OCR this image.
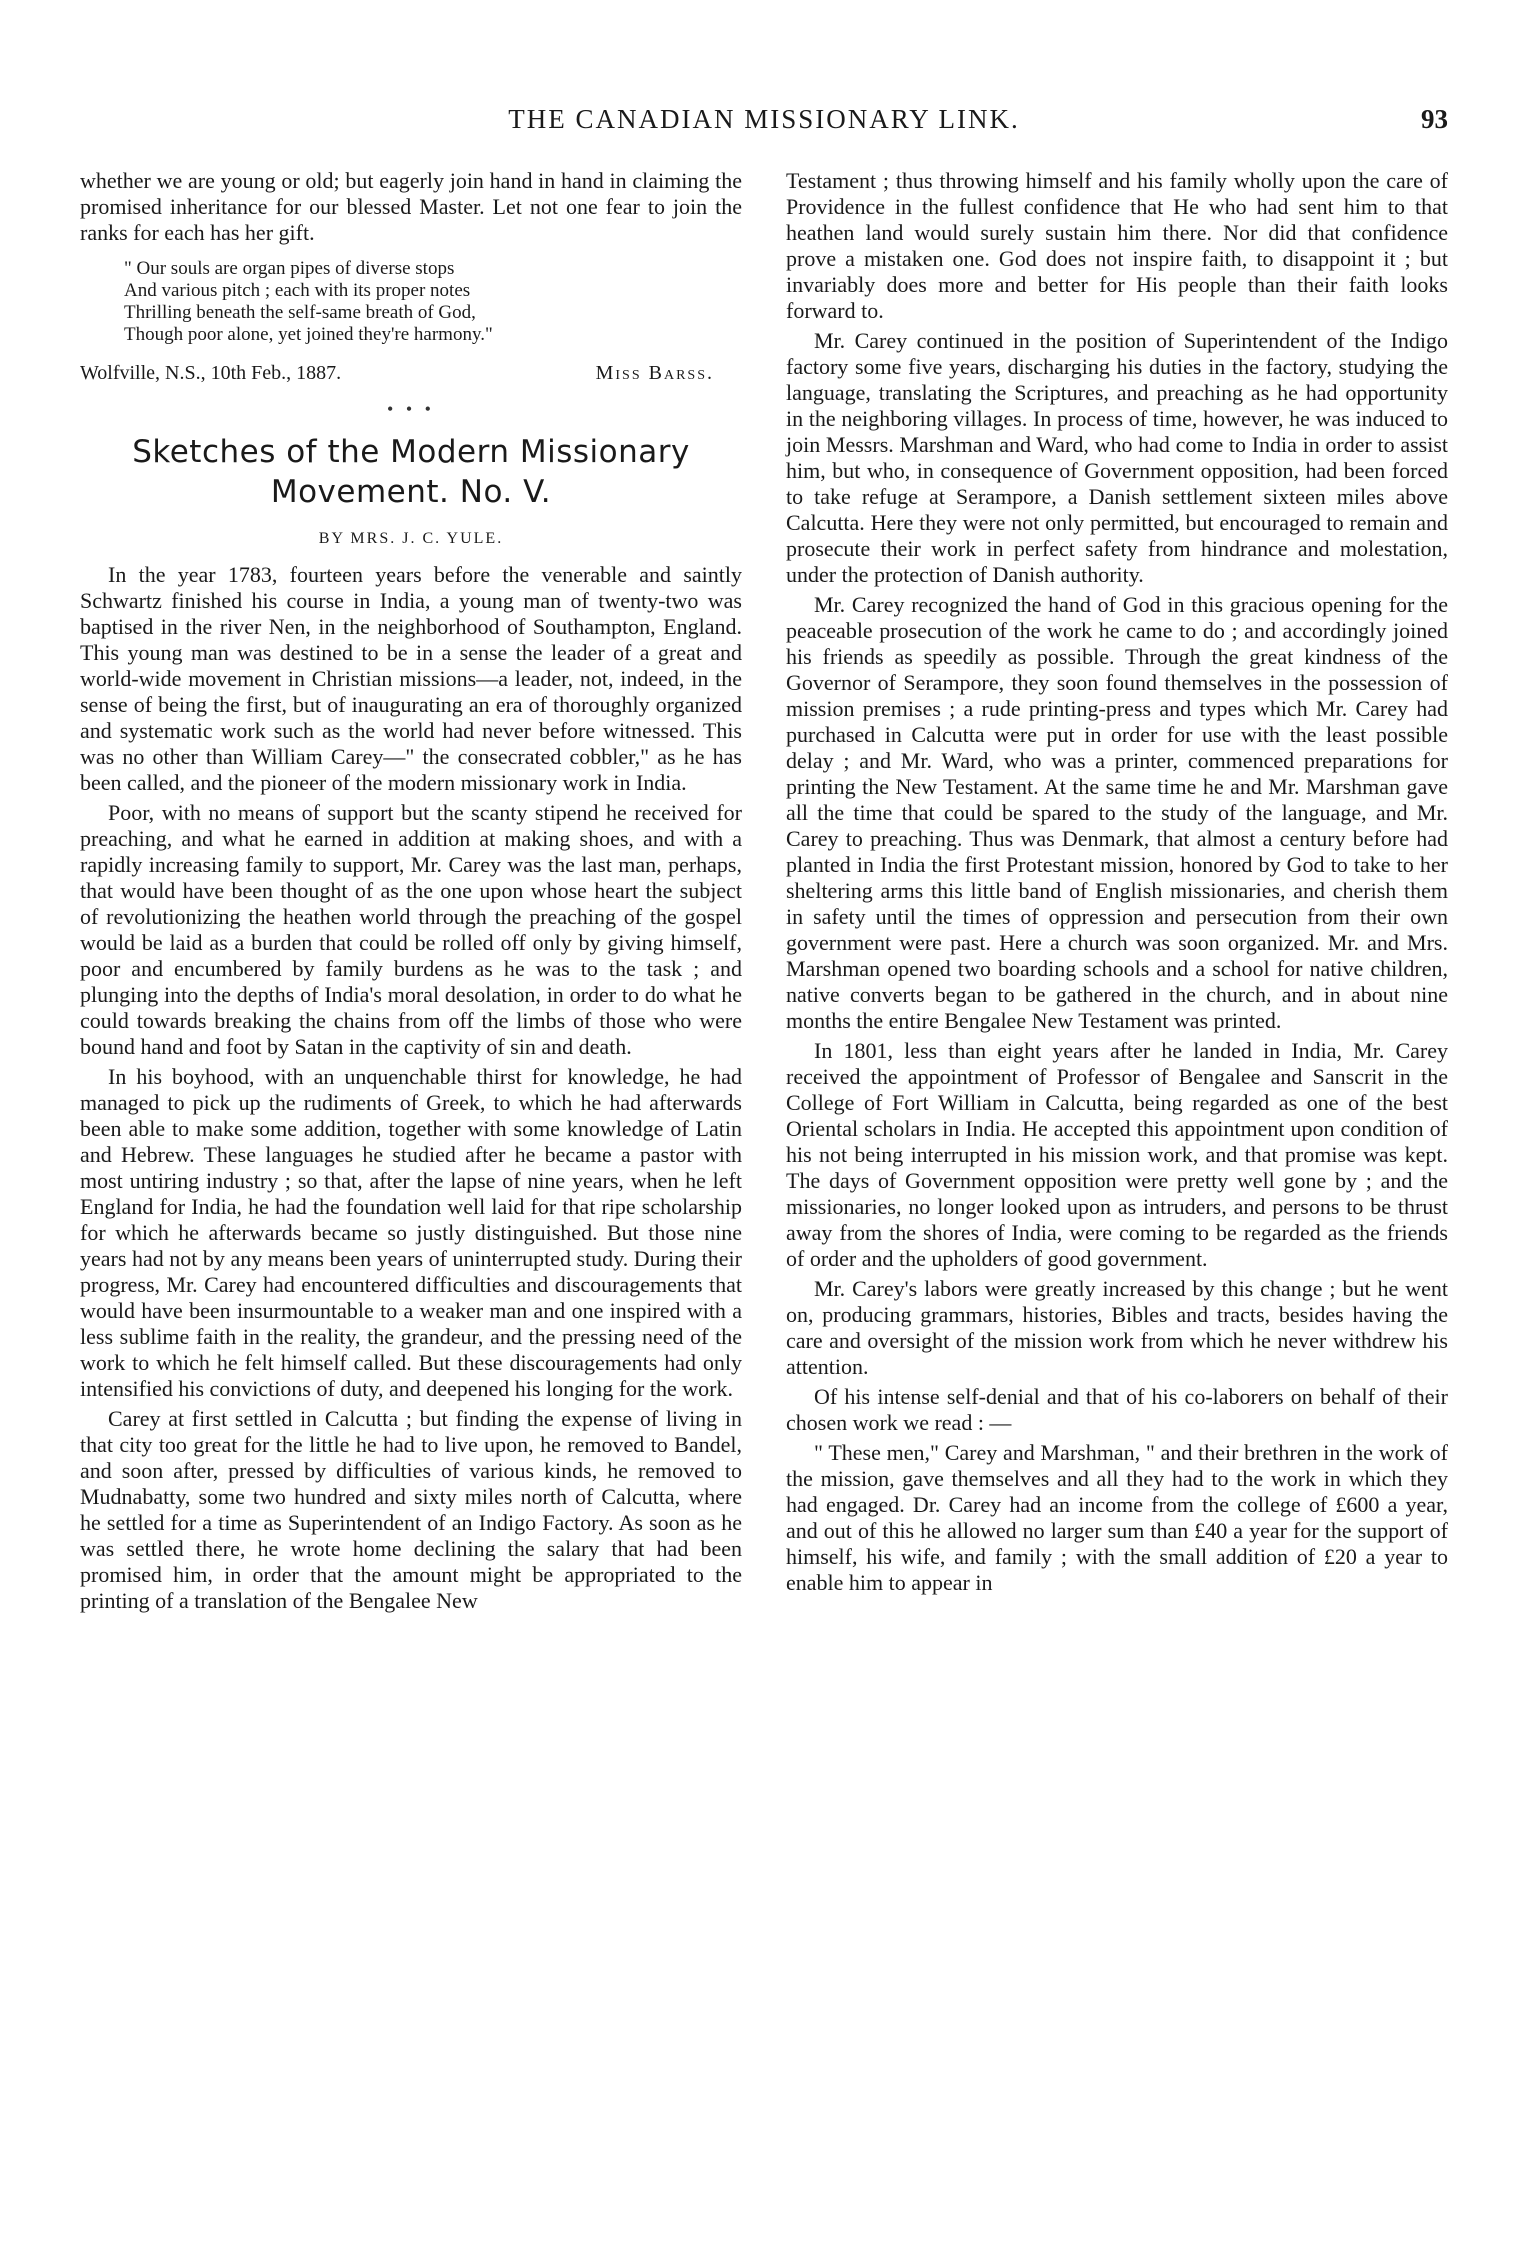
THE CANADIAN MISSIONARY LINK.	93

whether we are young or old; but eagerly join hand in hand in claiming the promised inheritance for our blessed Master. Let not one fear to join the ranks for each has her gift.

" Our souls are organ pipes of diverse stops
And various pitch ; each with its proper notes
Thrilling beneath the self-same breath of God,
Though poor alone, yet joined they're harmony."
Wolfville, N.S., 10th Feb., 1887.	Miss Barss.
• • •
Sketches of the Modern Missionary Movement. No. V.
BY MRS. J. C. YULE.

In the year 1783, fourteen years before the venerable and saintly Schwartz finished his course in India, a young man of twenty-two was baptised in the river Nen, in the neighborhood of Southampton, England. This young man was destined to be in a sense the leader of a great and world-wide movement in Christian missions—a leader, not, indeed, in the sense of being the first, but of inaugurating an era of thoroughly organized and systematic work such as the world had never before witnessed. This was no other than William Carey—" the consecrated cobbler," as he has been called, and the pioneer of the modern missionary work in India.

Poor, with no means of support but the scanty stipend he received for preaching, and what he earned in addition at making shoes, and with a rapidly increasing family to support, Mr. Carey was the last man, perhaps, that would have been thought of as the one upon whose heart the subject of revolutionizing the heathen world through the preaching of the gospel would be laid as a burden that could be rolled off only by giving himself, poor and encumbered by family burdens as he was to the task ; and plunging into the depths of India's moral desolation, in order to do what he could towards breaking the chains from off the limbs of those who were bound hand and foot by Satan in the captivity of sin and death.

In his boyhood, with an unquenchable thirst for knowledge, he had managed to pick up the rudiments of Greek, to which he had afterwards been able to make some addition, together with some knowledge of Latin and Hebrew. These languages he studied after he became a pastor with most untiring industry ; so that, after the lapse of nine years, when he left England for India, he had the foundation well laid for that ripe scholarship for which he afterwards became so justly distinguished. But those nine years had not by any means been years of uninterrupted study. During their progress, Mr. Carey had encountered difficulties and discouragements that would have been insurmountable to a weaker man and one inspired with a less sublime faith in the reality, the grandeur, and the pressing need of the work to which he felt himself called. But these discouragements had only intensified his convictions of duty, and deepened his longing for the work.

Carey at first settled in Calcutta ; but finding the expense of living in that city too great for the little he had to live upon, he removed to Bandel, and soon after, pressed by difficulties of various kinds, he removed to Mudnabatty, some two hundred and sixty miles north of Calcutta, where he settled for a time as Superintendent of an Indigo Factory. As soon as he was settled there, he wrote home declining the salary that had been promised him, in order that the amount might be appropriated to the printing of a translation of the Bengalee New

Testament ; thus throwing himself and his family wholly upon the care of Providence in the fullest confidence that He who had sent him to that heathen land would surely sustain him there. Nor did that confidence prove a mistaken one. God does not inspire faith, to disappoint it ; but invariably does more and better for His people than their faith looks forward to.

Mr. Carey continued in the position of Superintendent of the Indigo factory some five years, discharging his duties in the factory, studying the language, translating the Scriptures, and preaching as he had opportunity in the neighboring villages. In process of time, however, he was induced to join Messrs. Marshman and Ward, who had come to India in order to assist him, but who, in consequence of Government opposition, had been forced to take refuge at Serampore, a Danish settlement sixteen miles above Calcutta. Here they were not only permitted, but encouraged to remain and prosecute their work in perfect safety from hindrance and molestation, under the protection of Danish authority.

Mr. Carey recognized the hand of God in this gracious opening for the peaceable prosecution of the work he came to do ; and accordingly joined his friends as speedily as possible. Through the great kindness of the Governor of Serampore, they soon found themselves in the possession of mission premises ; a rude printing-press and types which Mr. Carey had purchased in Calcutta were put in order for use with the least possible delay ; and Mr. Ward, who was a printer, commenced preparations for printing the New Testament. At the same time he and Mr. Marshman gave all the time that could be spared to the study of the language, and Mr. Carey to preaching. Thus was Denmark, that almost a century before had planted in India the first Protestant mission, honored by God to take to her sheltering arms this little band of English missionaries, and cherish them in safety until the times of oppression and persecution from their own government were past. Here a church was soon organized. Mr. and Mrs. Marshman opened two boarding schools and a school for native children, native converts began to be gathered in the church, and in about nine months the entire Bengalee New Testament was printed.

In 1801, less than eight years after he landed in India, Mr. Carey received the appointment of Professor of Bengalee and Sanscrit in the College of Fort William in Calcutta, being regarded as one of the best Oriental scholars in India. He accepted this appointment upon condition of his not being interrupted in his mission work, and that promise was kept. The days of Government opposition were pretty well gone by ; and the missionaries, no longer looked upon as intruders, and persons to be thrust away from the shores of India, were coming to be regarded as the friends of order and the upholders of good government.

Mr. Carey's labors were greatly increased by this change ; but he went on, producing grammars, histories, Bibles and tracts, besides having the care and oversight of the mission work from which he never withdrew his attention.

Of his intense self-denial and that of his co-laborers on behalf of their chosen work we read : —

" These men," Carey and Marshman, " and their brethren in the work of the mission, gave themselves and all they had to the work in which they had engaged. Dr. Carey had an income from the college of £600 a year, and out of this he allowed no larger sum than £40 a year for the support of himself, his wife, and family ; with the small addition of £20 a year to enable him to appear in
